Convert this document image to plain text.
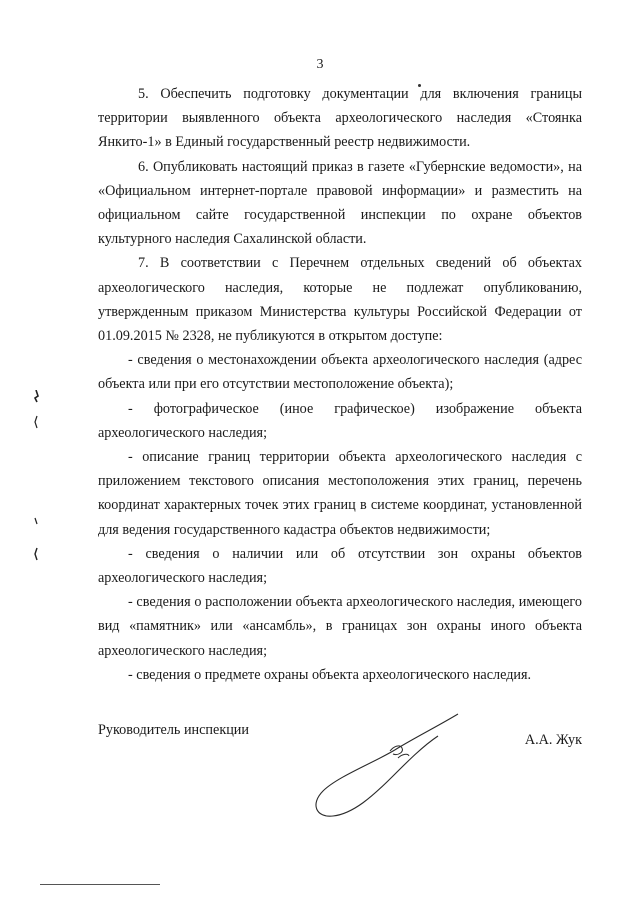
3

5. Обеспечить подготовку документации для включения границы территории выявленного объекта археологического наследия «Стоянка Янкито-1» в Единый государственный реестр недвижимости.

6. Опубликовать настоящий приказ в газете «Губернские ведомости», на «Официальном интернет-портале правовой информации» и разместить на официальном сайте государственной инспекции по охране объектов культурного наследия Сахалинской области.

7. В соответствии с Перечнем отдельных сведений об объектах археологического наследия, которые не подлежат опубликованию, утвержденным приказом Министерства культуры Российской Федерации от 01.09.2015 № 2328, не публикуются в открытом доступе:

- сведения о местонахождении объекта археологического наследия (адрес объекта или при его отсутствии местоположение объекта);

- фотографическое (иное графическое) изображение объекта археологического наследия;

- описание границ территории объекта археологического наследия с приложением текстового описания местоположения этих границ, перечень координат характерных точек этих границ в системе координат, установленной для ведения государственного кадастра объектов недвижимости;

- сведения о наличии или об отсутствии зон охраны объектов археологического наследия;

- сведения о расположении объекта археологического наследия, имеющего вид «памятник» или «ансамбль», в границах зон охраны иного объекта археологического наследия;

- сведения о предмете охраны объекта археологического наследия.

Руководитель инспекции
А.А. Жук
